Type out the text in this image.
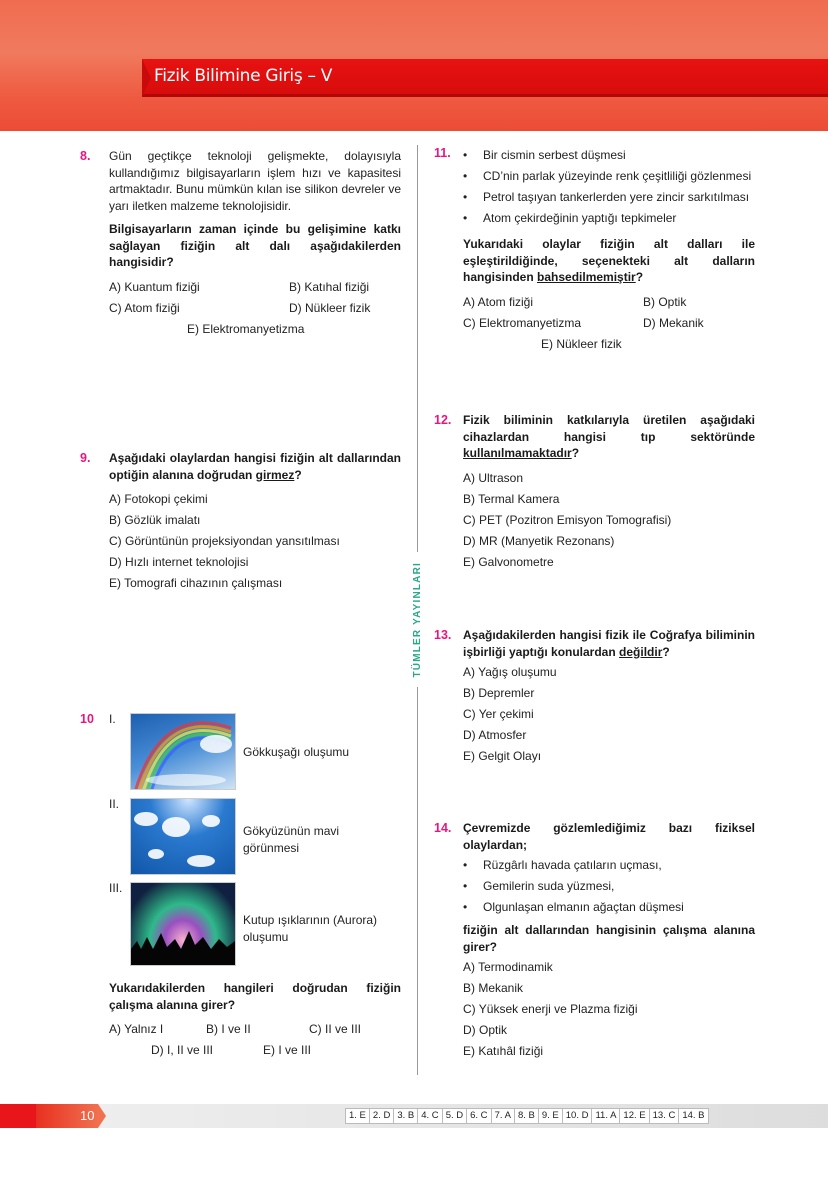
Fizik Bilimine Giriş – V
TÜMLER YAYINLARI
8. Gün geçtikçe teknoloji gelişmekte, dolayısıyla kullandığımız bilgisayarların işlem hızı ve kapasitesi artmaktadır. Bunu mümkün kılan ise silikon devreler ve yarı iletken malzeme teknolojisidir.
Bilgisayarların zaman içinde bu gelişimine katkı sağlayan fiziğin alt dalı aşağıdakilerden hangisidir?
A) Kuantum fiziği	B) Katıhal fiziği
C) Atom fiziği	D) Nükleer fizik
E) Elektromanyetizma
9. Aşağıdaki olaylardan hangisi fiziğin alt dallarından optiğin alanına doğrudan girmez?
A) Fotokopi çekimi
B) Gözlük imalatı
C) Görüntünün projeksiyondan yansıtılması
D) Hızlı internet teknolojisi
E) Tomografi cihazının çalışması
10 I.
Gökkuşağı oluşumu
II.
Gökyüzünün mavi görünmesi
III.
Kutup ışıklarının (Aurora) oluşumu
Yukarıdakilerden hangileri doğrudan fiziğin çalışma alanına girer?
A) Yalnız I	B) I ve II	C) II ve III
D) I, II ve III	E) I ve III
11.	• Bir cismin serbest düşmesi
• CD’nin parlak yüzeyinde renk çeşitliliği gözlenmesi
• Petrol taşıyan tankerlerden yere zincir sarkıtılması
• Atom çekirdeğinin yaptığı tepkimeler
Yukarıdaki olaylar fiziğin alt dalları ile eşleştirildiğinde, seçenekteki alt dalların hangisinden bahsedilmemiştir?
A) Atom fiziği	B) Optik
C) Elektromanyetizma	D) Mekanik
E) Nükleer fizik
12. Fizik biliminin katkılarıyla üretilen aşağıdaki cihazlardan hangisi tıp sektöründe kullanılmamaktadır?
A) Ultrason
B) Termal Kamera
C) PET (Pozitron Emisyon Tomografisi)
D) MR (Manyetik Rezonans)
E) Galvonometre
13. Aşağıdakilerden hangisi fizik ile Coğrafya biliminin işbirliği yaptığı konulardan değildir?
A) Yağış oluşumu
B) Depremler
C) Yer çekimi
D) Atmosfer
E) Gelgit Olayı
14. Çevremizde gözlemlediğimiz bazı fiziksel olaylardan;
• Rüzgârlı havada çatıların uçması,
• Gemilerin suda yüzmesi,
• Olgunlaşan elmanın ağaçtan düşmesi
fiziğin alt dallarından hangisinin çalışma alanına girer?
A) Termodinamik
B) Mekanik
C) Yüksek enerji ve Plazma fiziği
D) Optik
E) Katıhâl fiziği
10	1. E 2. D 3. B 4. C 5. D 6. C 7. A 8. B 9. E 10. D 11. A 12. E 13. C 14. B
